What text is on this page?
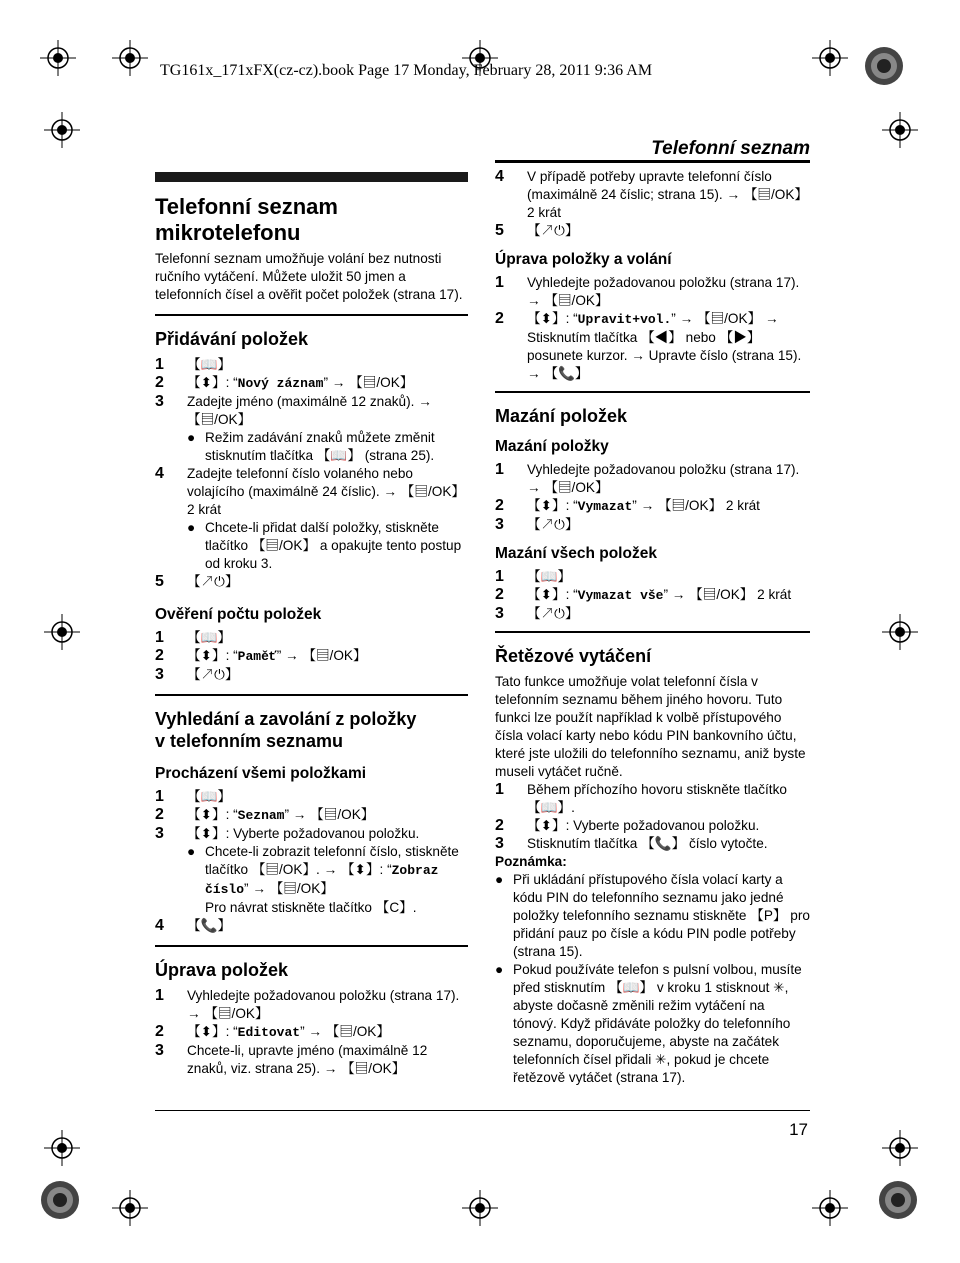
TG161x_171xFX(cz-cz).book Page 17 Monday, February 28, 2011 9:36 AM
Telefonní seznam
Telefonní seznam
mikrotelefonu

Telefonní seznam umožňuje volání bez nutnosti ručního vytáčení. Můžete uložit 50 jmen a telefonních čísel a ověřit počet položek (strana 17).

Přidávání položek
1 【📖】
2 【⬍】: “Nový záznam” → 【▤/OK】
3 Zadejte jméno (maximálně 12 znaků). → 【▤/OK】
● Režim zadávání znaků můžete změnit stisknutím tlačítka 【📖】 (strana 25).
4 Zadejte telefonní číslo volaného nebo volajícího (maximálně 24 číslic). → 【▤/OK】 2 krát
● Chcete-li přidat další položky, stiskněte tlačítko 【▤/OK】 a opakujte tento postup od kroku 3.
5 【↗⏻】
Ověření počtu položek
1 【📖】
2 【⬍】: “Paměť” → 【▤/OK】
3 【↗⏻】
Vyhledání a zavolání z položky
v telefonním seznamu
Procházení všemi položkami
1 【📖】
2 【⬍】: “Seznam” → 【▤/OK】
3 【⬍】: Vyberte požadovanou položku.
● Chcete-li zobrazit telefonní číslo, stiskněte tlačítko 【▤/OK】. → 【⬍】: “Zobraz číslo” → 【▤/OK】
Pro návrat stiskněte tlačítko 【C】.
4 【📞】
Úprava položek
1 Vyhledejte požadovanou položku (strana 17). → 【▤/OK】
2 【⬍】: “Editovat” → 【▤/OK】
3 Chcete-li, upravte jméno (maximálně 12 znaků, viz. strana 25). → 【▤/OK】
4 V případě potřeby upravte telefonní číslo (maximálně 24 číslic; strana 15). → 【▤/OK】 2 krát
5 【↗⏻】
Úprava položky a volání
1 Vyhledejte požadovanou položku (strana 17). → 【▤/OK】
2 【⬍】: “Upravit+vol.” → 【▤/OK】 → Stisknutím tlačítka 【◀】 nebo 【▶】 posunete kurzor. → Upravte číslo (strana 15). → 【📞】
Mazání položek
Mazání položky
1 Vyhledejte požadovanou položku (strana 17). → 【▤/OK】
2 【⬍】: “Vymazat” → 【▤/OK】 2 krát
3 【↗⏻】
Mazání všech položek
1 【📖】
2 【⬍】: “Vymazat vše” → 【▤/OK】 2 krát
3 【↗⏻】
Řetězové vytáčení

Tato funkce umožňuje volat telefonní čísla v telefonním seznamu během jiného hovoru. Tuto funkci lze použít například k volbě přístupového čísla volací karty nebo kódu PIN bankovního účtu, které jste uložili do telefonního seznamu, aniž byste museli vytáčet ručně.

1 Během příchozího hovoru stiskněte tlačítko 【📖】.
2 【⬍】: Vyberte požadovanou položku.
3 Stisknutím tlačítka 【📞】 číslo vytočte.

Poznámka:

● Při ukládání přístupového čísla volací karty a kódu PIN do telefonního seznamu jako jedné položky telefonního seznamu stiskněte 【P】 pro přidání pauz po čísle a kódu PIN podle potřeby (strana 15).
● Pokud používáte telefon s pulsní volbou, musíte před stisknutím 【📖】 v kroku 1 stisknout ✳, abyste dočasně změnili režim vytáčení na tónový. Když přidáváte položky do telefonního seznamu, doporučujeme, abyste na začátek telefonních čísel přidali ✳, pokud je chcete řetězově vytáčet (strana 17).
17
